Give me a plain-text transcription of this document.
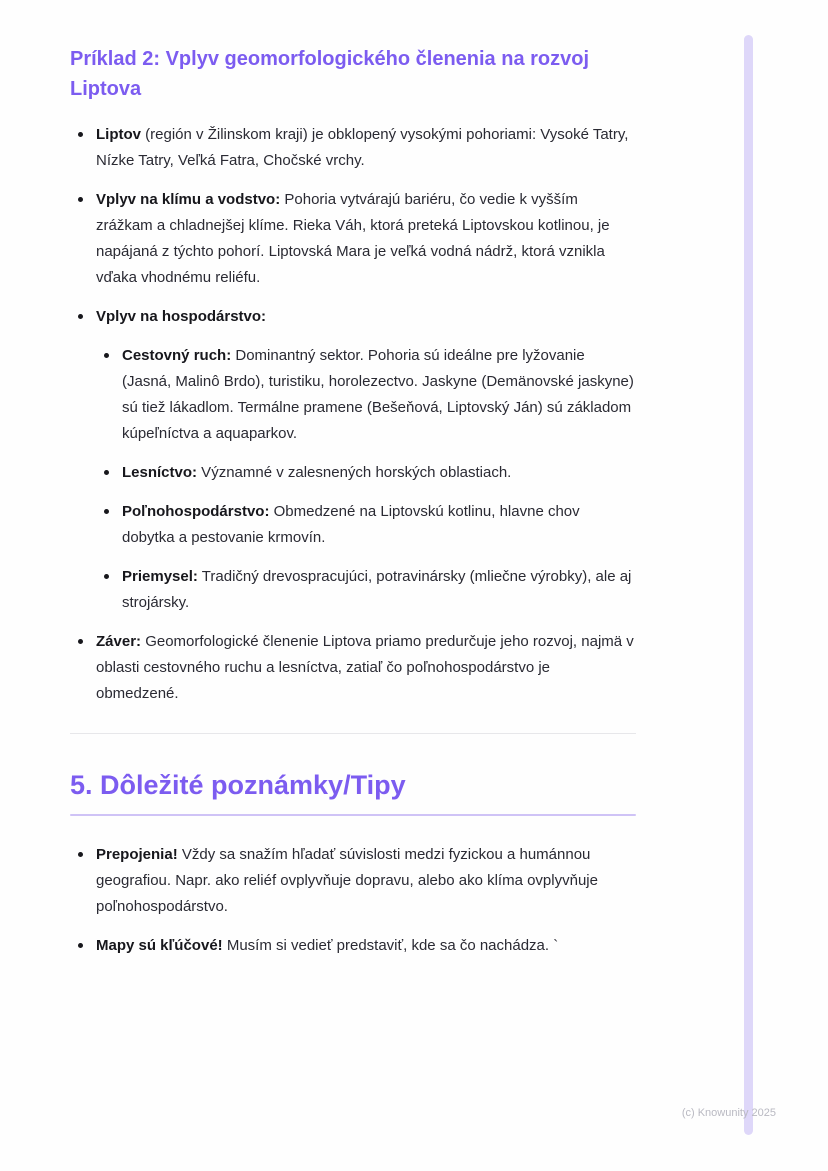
Príklad 2: Vplyv geomorfologického členenia na rozvoj Liptova
Liptov (región v Žilinskom kraji) je obklopený vysokými pohoriami: Vysoké Tatry, Nízke Tatry, Veľká Fatra, Chočské vrchy.
Vplyv na klímu a vodstvo: Pohoria vytvárajú bariéru, čo vedie k vyšším zrážkam a chladnejšej klíme. Rieka Váh, ktorá preteká Liptovskou kotlinou, je napájaná z týchto pohorí. Liptovská Mara je veľká vodná nádrž, ktorá vznikla vďaka vhodnému reliéfu.
Vplyv na hospodárstvo:
Cestovný ruch: Dominantný sektor. Pohoria sú ideálne pre lyžovanie (Jasná, Malinô Brdo), turistiku, horolezectvo. Jaskyne (Demänovské jaskyne) sú tiež lákadlom. Termálne pramene (Bešeňová, Liptovský Ján) sú základom kúpeľníctva a aquaparkov.
Lesníctvo: Významné v zalesnených horských oblastiach.
Poľnohospodárstvo: Obmedzené na Liptovskú kotlinu, hlavne chov dobytka a pestovanie krmovín.
Priemysel: Tradičný drevospracujúci, potravinársky (mliečne výrobky), ale aj strojársky.
Záver: Geomorfologické členenie Liptova priamo predurčuje jeho rozvoj, najmä v oblasti cestovného ruchu a lesníctva, zatiaľ čo poľnohospodárstvo je obmedzené.
5. Dôležité poznámky/Tipy
Prepojenia! Vždy sa snažím hľadať súvislosti medzi fyzickou a humánnou geografiou. Napr. ako reliéf ovplyvňuje dopravu, alebo ako klíma ovplyvňuje poľnohospodárstvo.
Mapy sú kľúčové! Musím si vedieť predstaviť, kde sa čo nachádza. `
(c) Knowunity 2025
